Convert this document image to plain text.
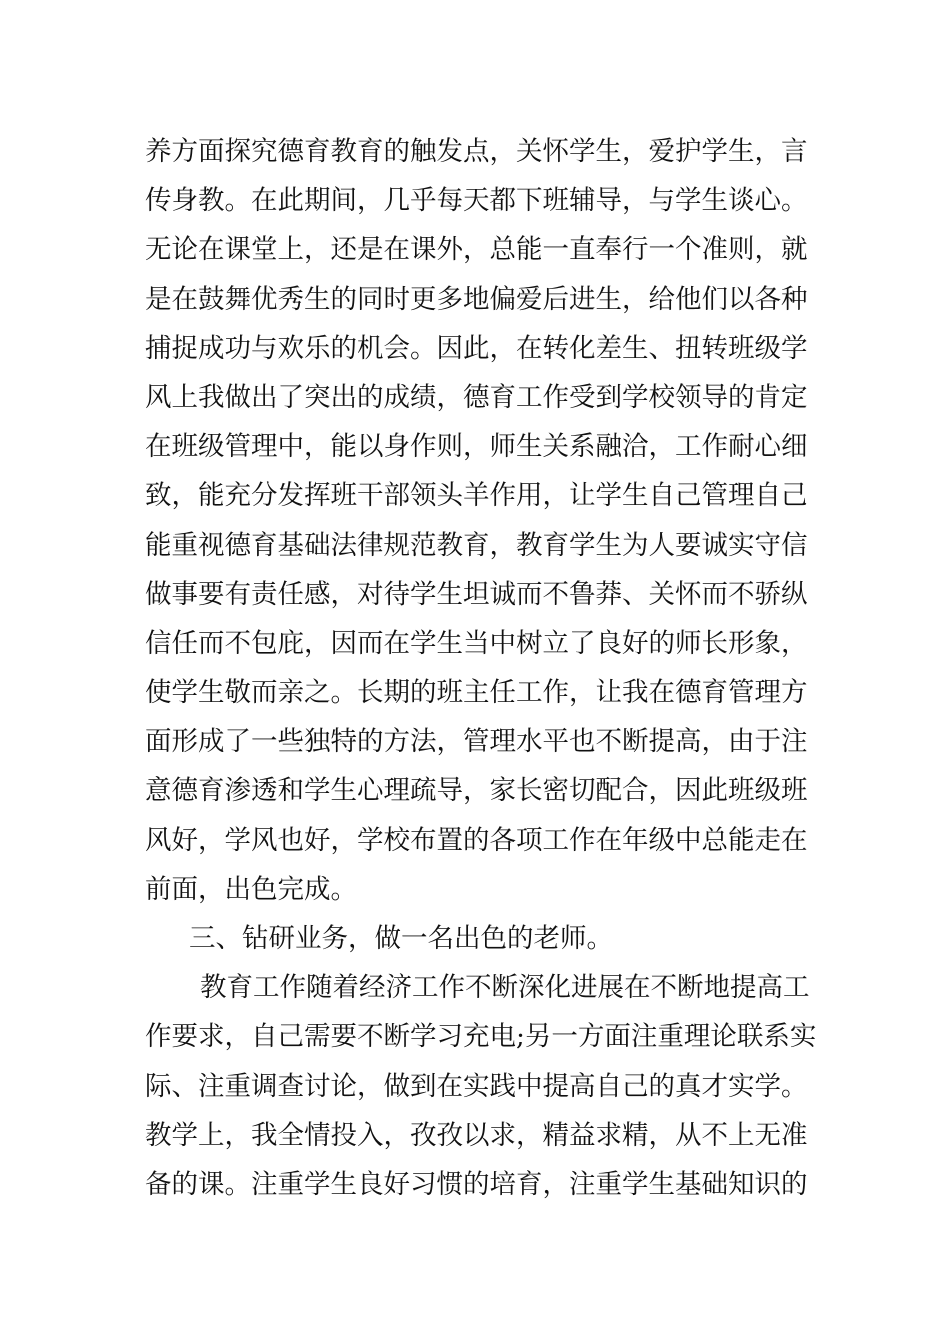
养方面探究德育教育的触发点，关怀学生，爱护学生，言
传身教。在此期间，几乎每天都下班辅导，与学生谈心。
无论在课堂上，还是在课外，总能一直奉行一个准则，就
是在鼓舞优秀生的同时更多地偏爱后进生，给他们以各种
捕捉成功与欢乐的机会。因此，在转化差生、扭转班级学
风上我做出了突出的成绩，德育工作受到学校领导的肯定
在班级管理中，能以身作则，师生关系融洽，工作耐心细
致，能充分发挥班干部领头羊作用，让学生自己管理自己
能重视德育基础法律规范教育，教育学生为人要诚实守信
做事要有责任感，对待学生坦诚而不鲁莽、关怀而不骄纵
信任而不包庇，因而在学生当中树立了良好的师长形象，
使学生敬而亲之。长期的班主任工作，让我在德育管理方
面形成了一些独特的方法，管理水平也不断提高，由于注
意德育渗透和学生心理疏导，家长密切配合，因此班级班
风好，学风也好，学校布置的各项工作在年级中总能走在
前面，出色完成。
三、钻研业务，做一名出色的老师。
教育工作随着经济工作不断深化进展在不断地提高工
作要求，自己需要不断学习充电;另一方面注重理论联系实
际、注重调查讨论，做到在实践中提高自己的真才实学。
教学上，我全情投入，孜孜以求，精益求精，从不上无准
备的课。注重学生良好习惯的培育，注重学生基础知识的
